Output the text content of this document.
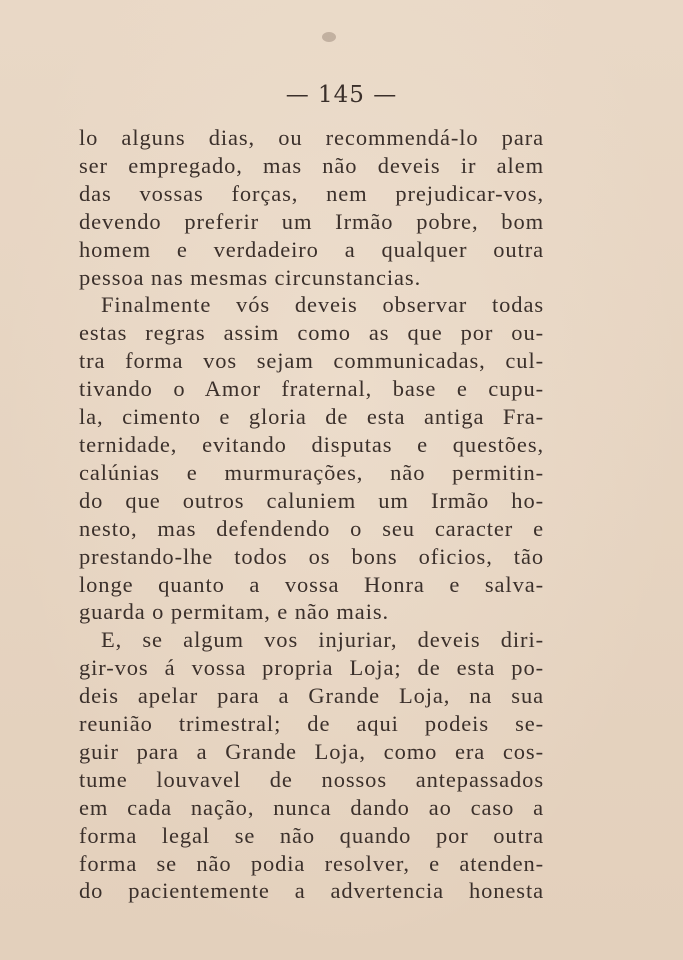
— 145 —
lo alguns dias, ou recommendá-lo para
ser empregado, mas não deveis ir alem
das vossas forças, nem prejudicar-vos,
devendo preferir um Irmão pobre, bom
homem e verdadeiro a qualquer outra
pessoa nas mesmas circunstancias.
Finalmente vós deveis observar todas
estas regras assim como as que por ou-
tra forma vos sejam communicadas, cul-
tivando o Amor fraternal, base e cupu-
la, cimento e gloria de esta antiga Fra-
ternidade, evitando disputas e questões,
calúnias e murmurações, não permitin-
do que outros caluniem um Irmão ho-
nesto, mas defendendo o seu caracter e
prestando-lhe todos os bons oficios, tão
longe quanto a vossa Honra e salva-
guarda o permitam, e não mais.
E, se algum vos injuriar, deveis diri-
gir-vos á vossa propria Loja; de esta po-
deis apelar para a Grande Loja, na sua
reunião trimestral; de aqui podeis se-
guir para a Grande Loja, como era cos-
tume louvavel de nossos antepassados
em cada nação, nunca dando ao caso a
forma legal se não quando por outra
forma se não podia resolver, e atenden-
do pacientemente a advertencia honesta
